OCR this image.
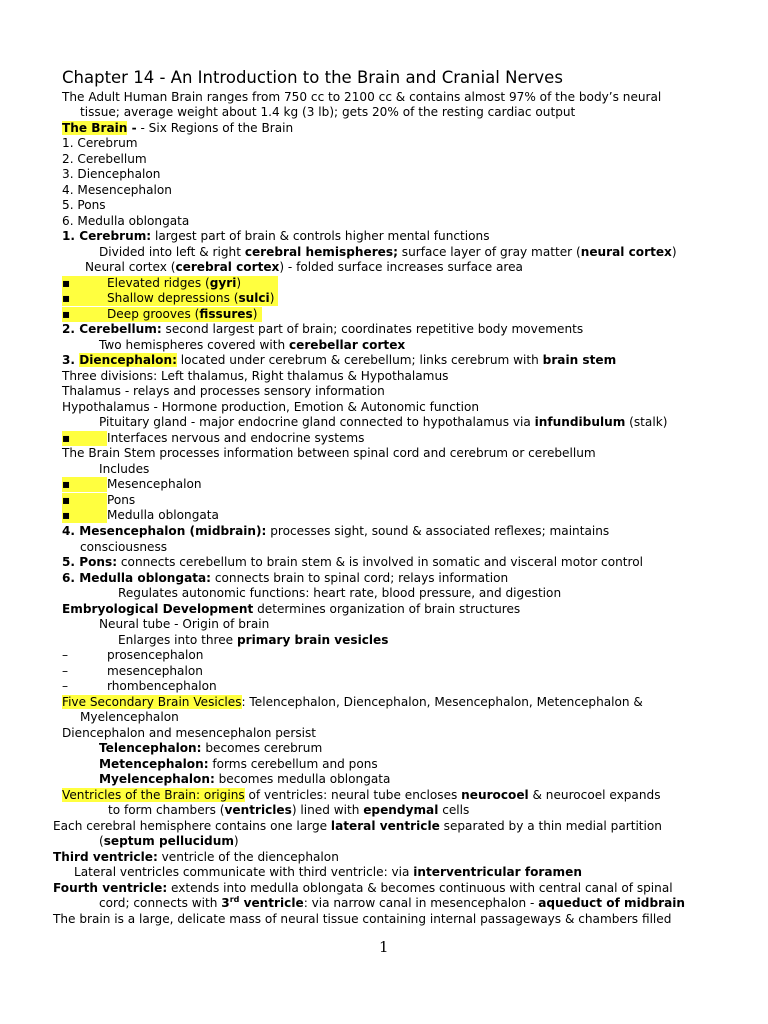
Chapter 14 - An Introduction to the Brain and Cranial Nerves
The Adult Human Brain ranges from 750 cc to 2100 cc & contains almost 97% of the body’s neural
tissue; average weight about 1.4 kg (3 lb); gets 20% of the resting cardiac output
The Brain - - Six Regions of the Brain
1. Cerebrum
2. Cerebellum
3. Diencephalon
4. Mesencephalon
5. Pons
6. Medulla oblongata
1. Cerebrum: largest part of brain & controls higher mental functions
Divided into left & right cerebral hemispheres; surface layer of gray matter (neural cortex)
Neural cortex (cerebral cortex) - folded surface increases surface area
▪	Elevated ridges (gyri)
▪	Shallow depressions (sulci)
▪	Deep grooves (fissures)
2. Cerebellum: second largest part of brain; coordinates repetitive body movements
Two hemispheres covered with cerebellar cortex
3. Diencephalon: located under cerebrum & cerebellum; links cerebrum with brain stem
Three divisions: Left thalamus, Right thalamus & Hypothalamus
Thalamus - relays and processes sensory information
Hypothalamus - Hormone production, Emotion & Autonomic function
Pituitary gland - major endocrine gland connected to hypothalamus via infundibulum (stalk)
▪	Interfaces nervous and endocrine systems
The Brain Stem processes information between spinal cord and cerebrum or cerebellum
Includes
▪	Mesencephalon
▪	Pons
▪	Medulla oblongata
4. Mesencephalon (midbrain): processes sight, sound & associated reflexes; maintains
consciousness
5. Pons: connects cerebellum to brain stem & is involved in somatic and visceral motor control
6. Medulla oblongata: connects brain to spinal cord; relays information
Regulates autonomic functions: heart rate, blood pressure, and digestion
Embryological Development determines organization of brain structures
Neural tube - Origin of brain
Enlarges into three primary brain vesicles
–	prosencephalon
–	mesencephalon
–	rhombencephalon
Five Secondary Brain Vesicles: Telencephalon, Diencephalon, Mesencephalon, Metencephalon &
Myelencephalon
Diencephalon and mesencephalon persist
Telencephalon: becomes cerebrum
Metencephalon: forms cerebellum and pons
Myelencephalon: becomes medulla oblongata
Ventricles of the Brain: origins of ventricles: neural tube encloses neurocoel & neurocoel expands
to form chambers (ventricles) lined with ependymal cells
Each cerebral hemisphere contains one large lateral ventricle separated by a thin medial partition
(septum pellucidum)
Third ventricle: ventricle of the diencephalon
Lateral ventricles communicate with third ventricle: via interventricular foramen
Fourth ventricle: extends into medulla oblongata & becomes continuous with central canal of spinal
cord; connects with 3rd ventricle: via narrow canal in mesencephalon - aqueduct of midbrain
The brain is a large, delicate mass of neural tissue containing internal passageways & chambers filled
1
